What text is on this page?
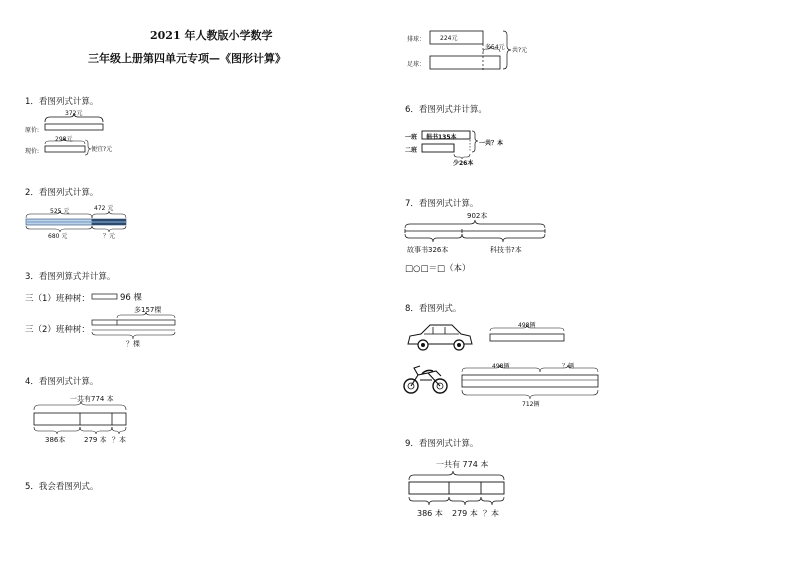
2021 年人教版小学数学
三年级上册第四单元专项—《图形计算》
1．看图列式计算。
372元
原价:
298元
现价:	便宜?元
2．看图列式计算。
525 元	472 元
680 元	？元
3．看图列算式并计算。
三（1）班种树：
三（2）班种树：
96 棵
多157棵
？棵
4．看图列式计算。
一共有774 本
386本	279 本 ？本
5．我会看图列式。
排球：
足球：
224元
多54元 共?元
6．看图列式并计算。
一班
二班
捐书135本
一共？本
少26本
7．看图列式计算。
902本
故事书326本	科技书?本
□○□＝□（本）
8．看图列式。
498辆
498辆	？辆
712辆
9．看图列式计算。
一共有 774 本
386 本 279 本 ？本
